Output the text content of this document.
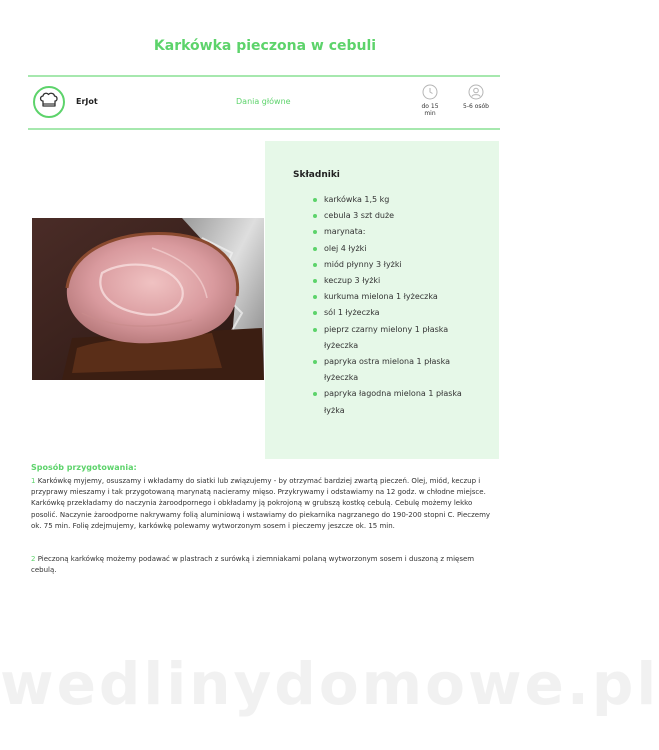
Karkówka pieczona w cebuli
ErJot	Dania główne
do 15
min
5-6 osób
Składniki
karkówka 1,5 kg
cebula 3 szt duże
marynata:
olej 4 łyżki
miód płynny 3 łyżki
keczup 3 łyżki
kurkuma mielona 1 łyżeczka
sól 1 łyżeczka
pieprz czarny mielony 1 płaska łyżeczka
papryka ostra mielona 1 płaska łyżeczka
papryka łagodna mielona 1 płaska łyżka
Sposób przygotowania:
1 Karkówkę myjemy, osuszamy i wkładamy do siatki lub związujemy - by otrzymać bardziej zwartą pieczeń. Olej, miód, keczup i przyprawy mieszamy i tak przygotowaną marynatą nacieramy mięso. Przykrywamy i odstawiamy na 12 godz. w chłodne miejsce. Karkówkę przekładamy do naczynia żaroodpornego i obkładamy ją pokrojoną w grubszą kostkę cebulą. Cebulę możemy lekko posolić. Naczynie żaroodporne nakrywamy folią aluminiową i wstawiamy do piekarnika nagrzanego do 190-200 stopni C. Pieczemy ok. 75 min. Folię zdejmujemy, karkówkę polewamy wytworzonym sosem i pieczemy jeszcze ok. 15 min.
2 Pieczoną karkówkę możemy podawać w plastrach z surówką i ziemniakami polaną wytworzonym sosem i duszoną z mięsem cebulą.
wedlinydomowe.pl
